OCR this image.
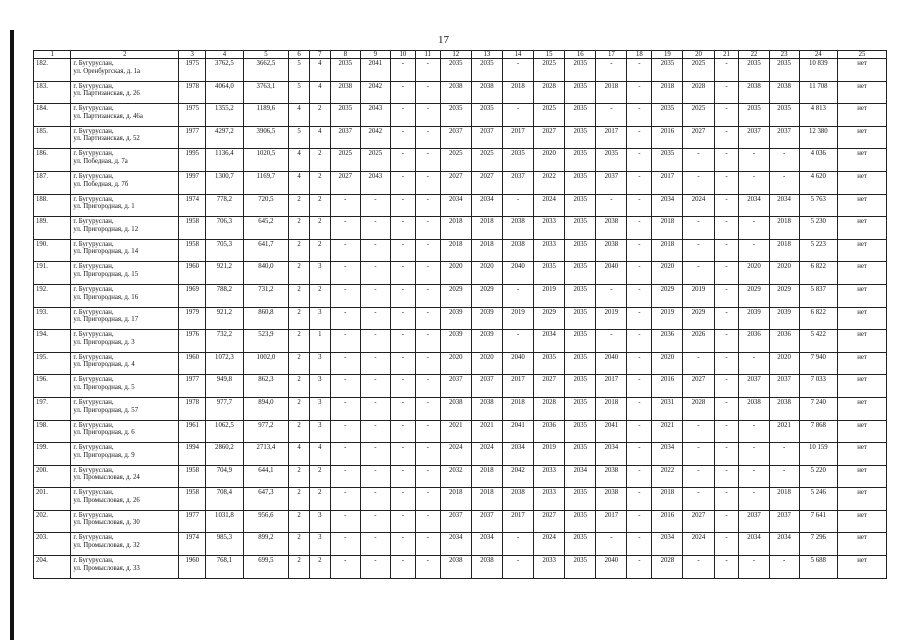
17
1	2	3	4	5	6	7	8	9	10	11	12	13	14	15	16	17	18	19	20	21	22	23	24	25
182.	г. Бугуруслан,
ул. Оренбургская, д. 1а	1975	3762,5	3662,5	5	4	2035	2041	-	-	2035	2035	-	2025	2035	-	-	2035	2025	-	2035	2035	10 839	нет
183.	г. Бугуруслан,
ул. Партизанская, д. 26	1978	4064,0	3763,1	5	4	2038	2042	-	-	2038	2038	2018	2028	2035	2018	-	2018	2028	-	2038	2038	11 708	нет
184.	г. Бугуруслан,
ул. Партизанская, д. 46а	1975	1355,2	1189,6	4	2	2035	2043	-	-	2035	2035	-	2025	2035	-	-	2035	2025	-	2035	2035	4 813	нет
185.	г. Бугуруслан,
ул. Партизанская, д. 52	1977	4297,2	3906,5	5	4	2037	2042	-	-	2037	2037	2017	2027	2035	2017	-	2016	2027	-	2037	2037	12 380	нет
186.	г. Бугуруслан,
ул. Победная, д. 7а	1995	1136,4	1020,5	4	2	2025	2025	-	-	2025	2025	2035	2020	2035	2035	-	2035	-	-	-	-	4 036	нет
187.	г. Бугуруслан,
ул. Победная, д. 7б	1997	1300,7	1169,7	4	2	2027	2043	-	-	2027	2027	2037	2022	2035	2037	-	2017	-	-	-	-	4 620	нет
188.	г. Бугуруслан,
ул. Пригородная, д. 1	1974	778,2	720,5	2	2	-	-	-	-	2034	2034	-	2024	2035	-	-	2034	2024	-	2034	2034	5 763	нет
189.	г. Бугуруслан,
ул. Пригородная, д. 12	1958	706,3	645,2	2	2	-	-	-	-	2018	2018	2038	2033	2035	2038	-	2018	-	-	-	2018	5 230	нет
190.	г. Бугуруслан,
ул. Пригородная, д. 14	1958	705,3	641,7	2	2	-	-	-	-	2018	2018	2038	2033	2035	2038	-	2018	-	-	-	2018	5 223	нет
191.	г. Бугуруслан,
ул. Пригородная, д. 15	1960	921,2	840,0	2	3	-	-	-	-	2020	2020	2040	2035	2035	2040	-	2020	-	-	2020	2020	6 822	нет
192.	г. Бугуруслан,
ул. Пригородная, д. 16	1969	788,2	731,2	2	2	-	-	-	-	2029	2029	-	2019	2035	-	-	2029	2019	-	2029	2029	5 837	нет
193.	г. Бугуруслан,
ул. Пригородная, д. 17	1979	921,2	860,8	2	3	-	-	-	-	2039	2039	2019	2029	2035	2019	-	2019	2029	-	2039	2039	6 822	нет
194.	г. Бугуруслан,
ул. Пригородная, д. 3	1976	732,2	523,9	2	1	-	-	-	-	2039	2039	-	2034	2035	-	-	2036	2026	-	2036	2036	5 422	нет
195.	г. Бугуруслан,
ул. Пригородная, д. 4	1960	1072,3	1002,0	2	3	-	-	-	-	2020	2020	2040	2035	2035	2040	-	2020	-	-	-	2020	7 940	нет
196.	г. Бугуруслан,
ул. Пригородная, д. 5	1977	949,8	862,3	2	3	-	-	-	-	2037	2037	2017	2027	2035	2017	-	2016	2027	-	2037	2037	7 033	нет
197.	г. Бугуруслан,
ул. Пригородная, д. 57	1978	977,7	894,0	2	3	-	-	-	-	2038	2038	2018	2028	2035	2018	-	2031	2028	-	2038	2038	7 240	нет
198.	г. Бугуруслан,
ул. Пригородная, д. 6	1961	1062,5	977,2	2	3	-	-	-	-	2021	2021	2041	2036	2035	2041	-	2021	-	-	-	2021	7 868	нет
199.	г. Бугуруслан,
ул. Пригородная, д. 9	1994	2860,2	2713,4	4	4	-	-	-	-	2024	2024	2034	2019	2035	2034	-	2034	-	-	-	-	10 159	нет
200.	г. Бугуруслан,
ул. Промысловая, д. 24	1958	704,9	644,1	2	2	-	-	-	-	2032	2018	2042	2033	2034	2038	-	2022	-	-	-	-	5 220	нет
201.	г. Бугуруслан,
ул. Промысловая, д. 26	1958	708,4	647,3	2	2	-	-	-	-	2018	2018	2038	2033	2035	2038	-	2018	-	-	-	2018	5 246	нет
202.	г. Бугуруслан,
ул. Промысловая, д. 30	1977	1031,8	956,6	2	3	-	-	-	-	2037	2037	2017	2027	2035	2017	-	2016	2027	-	2037	2037	7 641	нет
203.	г. Бугуруслан,
ул. Промысловая, д. 32	1974	985,3	899,2	2	3	-	-	-	-	2034	2034	-	2024	2035	-	-	2034	2024	-	2034	2034	7 296	нет
204.	г. Бугуруслан,
ул. Промысловая, д. 33	1960	768,1	699,5	2	2	-	-	-	-	2038	2038	-	2033	2035	2040	-	2028	-	-	-	-	5 688	нет
